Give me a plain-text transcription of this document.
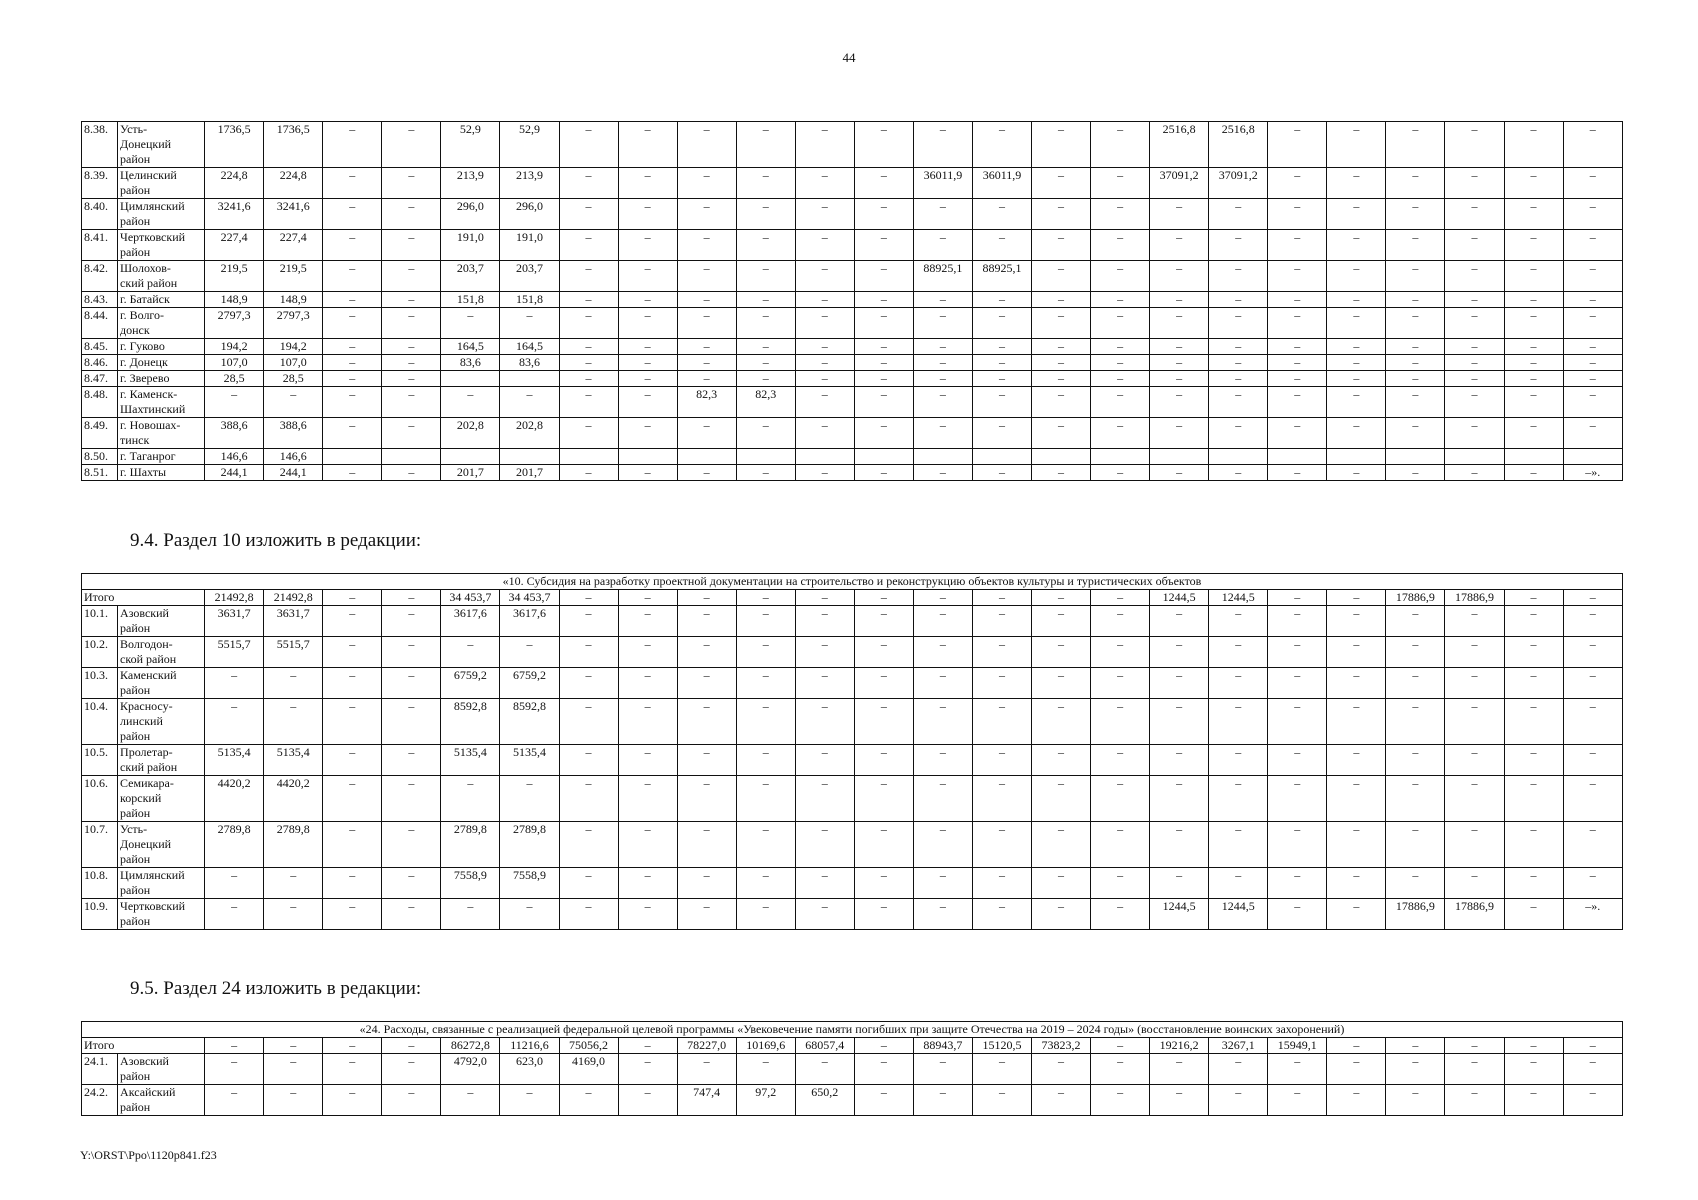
44
8.38.	Усть-
Донецкий
район	1736,5	1736,5	–	–	52,9	52,9	–	–	–	–	–	–	–	–	–	–	2516,8	2516,8	–	–	–	–	–	–
8.39.	Целинский
район	224,8	224,8	–	–	213,9	213,9	–	–	–	–	–	–	36011,9	36011,9	–	–	37091,2	37091,2	–	–	–	–	–	–
8.40.	Цимлянский
район	3241,6	3241,6	–	–	296,0	296,0	–	–	–	–	–	–	–	–	–	–	–	–	–	–	–	–	–	–
8.41.	Чертковский
район	227,4	227,4	–	–	191,0	191,0	–	–	–	–	–	–	–	–	–	–	–	–	–	–	–	–	–	–
8.42.	Шолохов-
ский район	219,5	219,5	–	–	203,7	203,7	–	–	–	–	–	–	88925,1	88925,1	–	–	–	–	–	–	–	–	–	–
8.43.	г. Батайск	148,9	148,9	–	–	151,8	151,8	–	–	–	–	–	–	–	–	–	–	–	–	–	–	–	–	–	–
8.44.	г. Волго-
донск	2797,3	2797,3	–	–	–	–	–	–	–	–	–	–	–	–	–	–	–	–	–	–	–	–	–	–
8.45.	г. Гуково	194,2	194,2	–	–	164,5	164,5	–	–	–	–	–	–	–	–	–	–	–	–	–	–	–	–	–	–
8.46.	г. Донецк	107,0	107,0	–	–	83,6	83,6	–	–	–	–	–	–	–	–	–	–	–	–	–	–	–	–	–	–
8.47.	г. Зверево	28,5	28,5	–	–			–	–	–	–	–	–	–	–	–	–	–	–	–	–	–	–	–	–
8.48.	г. Каменск-
Шахтинский	–	–	–	–	–	–	–	–	82,3	82,3	–	–	–	–	–	–	–	–	–	–	–	–	–	–
8.49.	г. Новошах-
тинск	388,6	388,6	–	–	202,8	202,8	–	–	–	–	–	–	–	–	–	–	–	–	–	–	–	–	–	–
8.50.	г. Таганрог	146,6	146,6																						
8.51.	г. Шахты	244,1	244,1	–	–	201,7	201,7	–	–	–	–	–	–	–	–	–	–	–	–	–	–	–	–	–	–».
9.4. Раздел 10 изложить в редакции:
«10. Субсидия на разработку проектной документации на строительство и реконструкцию объектов культуры и туристических объектов																									
Итого		21492,8	21492,8	–	–	34 453,7	34 453,7	–	–	–	–	–	–	–	–	–	–	1244,5	1244,5	–	–	17886,9	17886,9	–	–
10.1.	Азовский
район	3631,7	3631,7	–	–	3617,6	3617,6	–	–	–	–	–	–	–	–	–	–	–	–	–	–	–	–	–	–
10.2.	Волгодон-
ской район	5515,7	5515,7	–	–	–	–	–	–	–	–	–	–	–	–	–	–	–	–	–	–	–	–	–	–
10.3.	Каменский
район	–	–	–	–	6759,2	6759,2	–	–	–	–	–	–	–	–	–	–	–	–	–	–	–	–	–	–
10.4.	Красносу-
линский
район	–	–	–	–	8592,8	8592,8	–	–	–	–	–	–	–	–	–	–	–	–	–	–	–	–	–	–
10.5.	Пролетар-
ский район	5135,4	5135,4	–	–	5135,4	5135,4	–	–	–	–	–	–	–	–	–	–	–	–	–	–	–	–	–	–
10.6.	Семикара-
корский
район	4420,2	4420,2	–	–	–	–	–	–	–	–	–	–	–	–	–	–	–	–	–	–	–	–	–	–
10.7.	Усть-
Донецкий
район	2789,8	2789,8	–	–	2789,8	2789,8	–	–	–	–	–	–	–	–	–	–	–	–	–	–	–	–	–	–
10.8.	Цимлянский
район	–	–	–	–	7558,9	7558,9	–	–	–	–	–	–	–	–	–	–	–	–	–	–	–	–	–	–
10.9.	Чертковский
район	–	–	–	–	–	–	–	–	–	–	–	–	–	–	–	–	1244,5	1244,5	–	–	17886,9	17886,9	–	–».
9.5. Раздел 24 изложить в редакции:
«24. Расходы, связанные с реализацией федеральной целевой программы «Увековечение памяти погибших при защите Отечества на 2019 – 2024 годы» (восстановление воинских захоронений)																									
Итого		–	–	–	–	86272,8	11216,6	75056,2	–	78227,0	10169,6	68057,4	–	88943,7	15120,5	73823,2	–	19216,2	3267,1	15949,1	–	–	–	–	–
24.1.	Азовский
район	–	–	–	–	4792,0	623,0	4169,0	–	–	–	–	–	–	–	–	–	–	–	–	–	–	–	–	–
24.2.	Аксайский
район	–	–	–	–	–	–	–	–	747,4	97,2	650,2	–	–	–	–	–	–	–	–	–	–	–	–	–
Y:\ORST\Ppo\1120p841.f23
